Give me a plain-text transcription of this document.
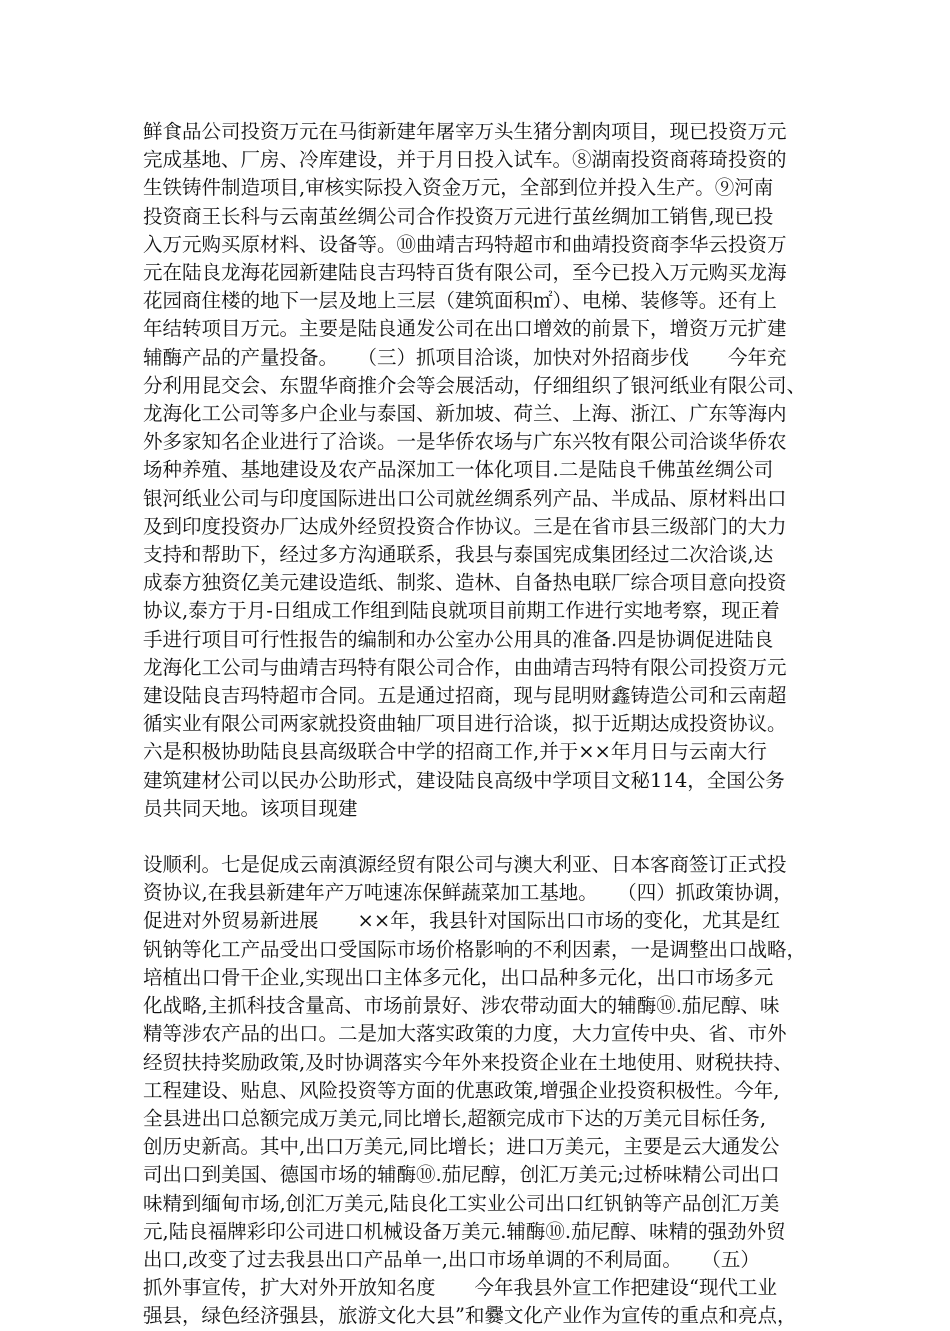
鲜食品公司投资万元在马街新建年屠宰万头生猪分割肉项目，现已投资万元
完成基地、厂房、冷库建设，并于月日投入试车。⑧湖南投资商蒋琦投资的
生铁铸件制造项目,审核实际投入资金万元，全部到位并投入生产。⑨河南
投资商王长科与云南茧丝绸公司合作投资万元进行茧丝绸加工销售,现已投
入万元购买原材料、设备等。⑩曲靖吉玛特超市和曲靖投资商李华云投资万
元在陆良龙海花园新建陆良吉玛特百货有限公司，至今已投入万元购买龙海
花园商住楼的地下一层及地上三层（建筑面积㎡）、电梯、装修等。还有上
年结转项目万元。主要是陆良通发公司在出口增效的前景下，增资万元扩建
辅酶产品的产量投备。　　（三）抓项目洽谈，加快对外招商步伐　　今年充
分利用昆交会、东盟华商推介会等会展活动，仔细组织了银河纸业有限公司、
龙海化工公司等多户企业与泰国、新加坡、荷兰、上海、浙江、广东等海内
外多家知名企业进行了洽谈。一是华侨农场与广东兴牧有限公司洽谈华侨农
场种养殖、基地建设及农产品深加工一体化项目.二是陆良千佛茧丝绸公司
银河纸业公司与印度国际进出口公司就丝绸系列产品、半成品、原材料出口
及到印度投资办厂达成外经贸投资合作协议。三是在省市县三级部门的大力
支持和帮助下，经过多方沟通联系，我县与泰国宪成集团经过二次洽谈,达
成泰方独资亿美元建设造纸、制浆、造林、自备热电联厂综合项目意向投资
协议,泰方于月-日组成工作组到陆良就项目前期工作进行实地考察，现正着
手进行项目可行性报告的编制和办公室办公用具的准备.四是协调促进陆良
龙海化工公司与曲靖吉玛特有限公司合作，由曲靖吉玛特有限公司投资万元
建设陆良吉玛特超市合同。五是通过招商，现与昆明财鑫铸造公司和云南超
循实业有限公司两家就投资曲轴厂项目进行洽谈，拟于近期达成投资协议。
六是积极协助陆良县高级联合中学的招商工作,并于××年月日与云南大行
建筑建材公司以民办公助形式，建设陆良高级中学项目文秘114，全国公务
员共同天地。该项目现建
设顺利。七是促成云南滇源经贸有限公司与澳大利亚、日本客商签订正式投
资协议,在我县新建年产万吨速冻保鲜蔬菜加工基地。　　（四）抓政策协调，
促进对外贸易新进展　　××年，我县针对国际出口市场的变化，尤其是红
钒钠等化工产品受出口受国际市场价格影响的不利因素，一是调整出口战略，
培植出口骨干企业,实现出口主体多元化，出口品种多元化，出口市场多元
化战略,主抓科技含量高、市场前景好、涉农带动面大的辅酶⑩.茄尼醇、味
精等涉农产品的出口。二是加大落实政策的力度，大力宣传中央、省、市外
经贸扶持奖励政策,及时协调落实今年外来投资企业在土地使用、财税扶持、
工程建设、贴息、风险投资等方面的优惠政策,增强企业投资积极性。今年,
全县进出口总额完成万美元,同比增长,超额完成市下达的万美元目标任务,
创历史新高。其中,出口万美元,同比增长；进口万美元，主要是云大通发公
司出口到美国、德国市场的辅酶⑩.茄尼醇，创汇万美元;过桥味精公司出口
味精到缅甸市场,创汇万美元,陆良化工实业公司出口红钒钠等产品创汇万美
元,陆良福牌彩印公司进口机械设备万美元.辅酶⑩.茄尼醇、味精的强劲外贸
出口,改变了过去我县出口产品单一,出口市场单调的不利局面。　　（五）
抓外事宣传，扩大对外开放知名度　　今年我县外宣工作把建设“现代工业
强县，绿色经济强县，旅游文化大县”和爨文化产业作为宣传的重点和亮点，
